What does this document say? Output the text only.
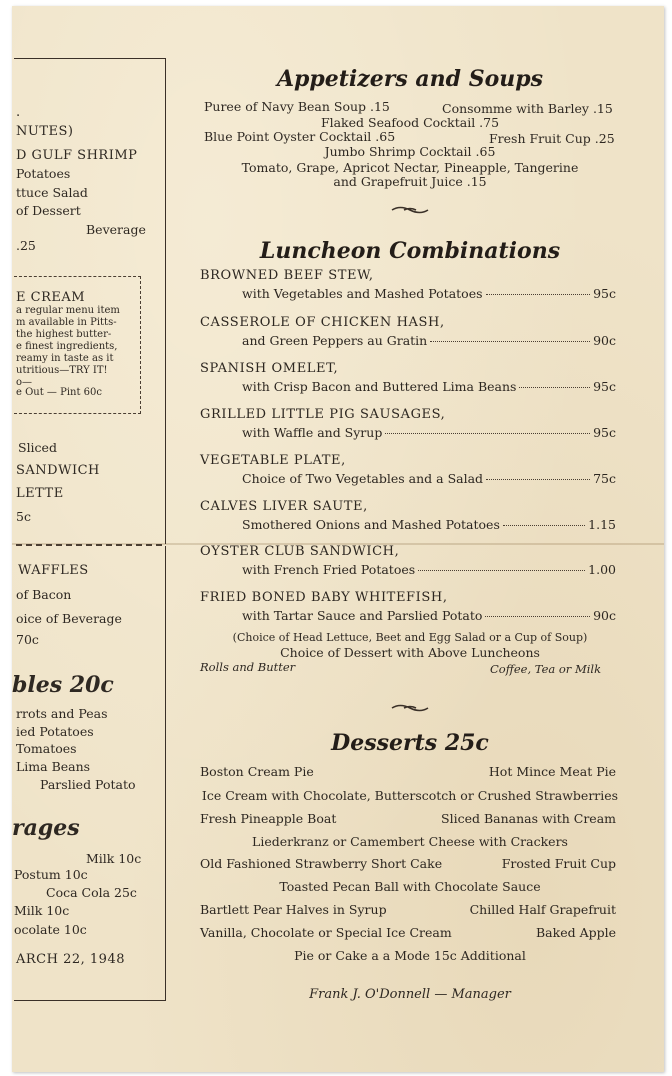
.
NUTES)
D GULF SHRIMP
Potatoes
ttuce Salad
of Dessert
Beverage
.25
E CREAM
a regular menu item
m available in Pitts-
the highest butter-
e finest ingredients,
reamy in taste as it
utritious—TRY IT!
o—
e Out — Pint 60c
Sliced
SANDWICH
LETTE
5c
WAFFLES
of Bacon
oice of Beverage
70c
bles 20c
rrots and Peas
ied Potatoes
Tomatoes
Lima Beans
Parslied Potato
rages
Milk 10c
Postum 10c
Coca Cola 25c
Milk 10c
ocolate 10c
ARCH 22, 1948
Appetizers and Soups
Puree of Navy Bean Soup .15	Consomme with Barley .15
Flaked Seafood Cocktail .75
Blue Point Oyster Cocktail .65	Fresh Fruit Cup .25
Jumbo Shrimp Cocktail .65
Tomato, Grape, Apricot Nectar, Pineapple, Tangerine
and Grapefruit Juice .15
Luncheon Combinations
BROWNED BEEF STEW,
with Vegetables and Mashed Potatoes	95c
CASSEROLE OF CHICKEN HASH,
and Green Peppers au Gratin	90c
SPANISH OMELET,
with Crisp Bacon and Buttered Lima Beans	95c
GRILLED LITTLE PIG SAUSAGES,
with Waffle and Syrup	95c
VEGETABLE PLATE,
Choice of Two Vegetables and a Salad	75c
CALVES LIVER SAUTE,
Smothered Onions and Mashed Potatoes	1.15
OYSTER CLUB SANDWICH,
with French Fried Potatoes	1.00
FRIED BONED BABY WHITEFISH,
with Tartar Sauce and Parslied Potato	90c
(Choice of Head Lettuce, Beet and Egg Salad or a Cup of Soup)
Choice of Dessert with Above Luncheons
Rolls and Butter	Coffee, Tea or Milk
Desserts 25c
Boston Cream Pie	Hot Mince Meat Pie
Ice Cream with Chocolate, Butterscotch or Crushed Strawberries
Fresh Pineapple Boat	Sliced Bananas with Cream
Liederkranz or Camembert Cheese with Crackers
Old Fashioned Strawberry Short Cake	Frosted Fruit Cup
Toasted Pecan Ball with Chocolate Sauce
Bartlett Pear Halves in Syrup	Chilled Half Grapefruit
Vanilla, Chocolate or Special Ice Cream	Baked Apple
Pie or Cake a a Mode 15c Additional
Frank J. O'Donnell — Manager
